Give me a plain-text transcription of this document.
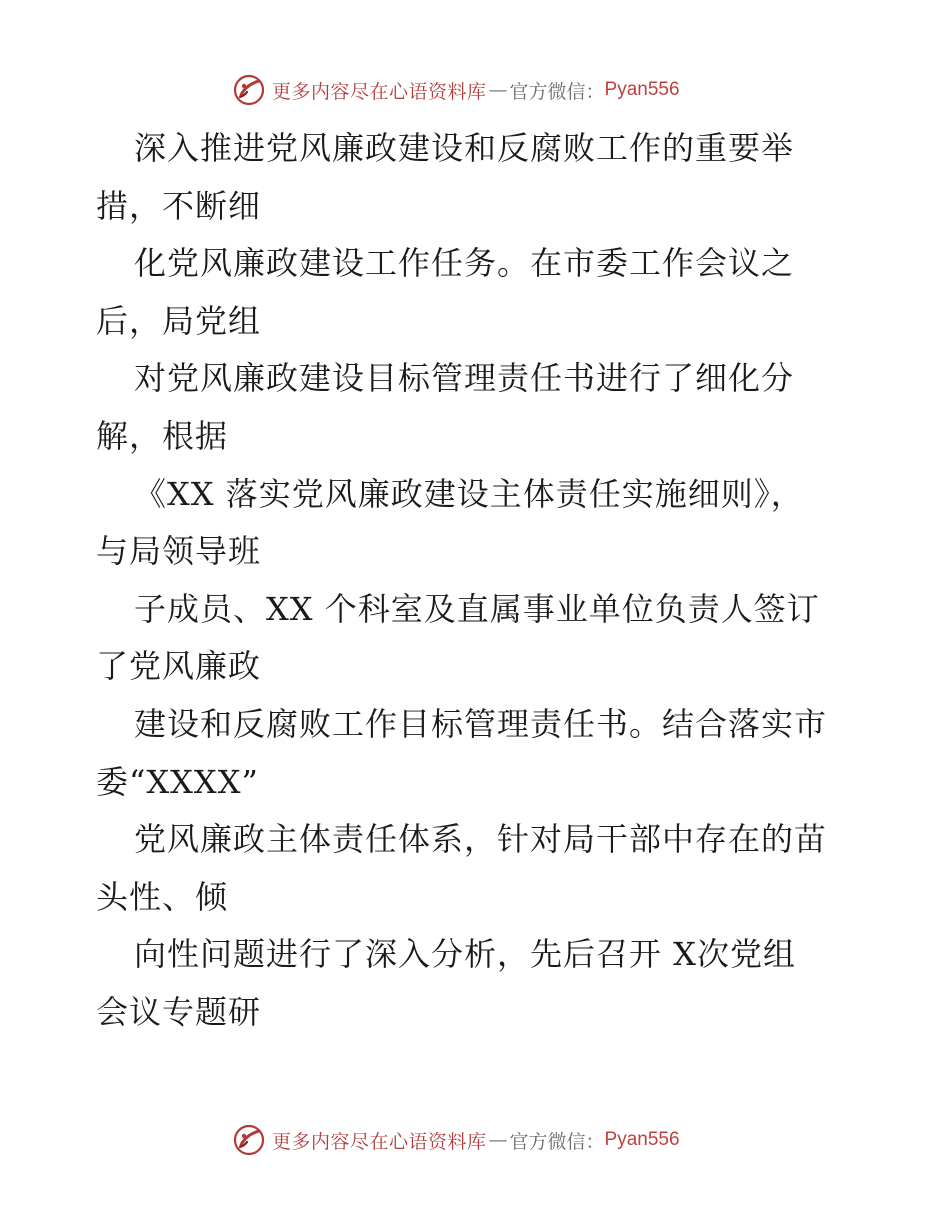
更多内容尽在心语资料库 — 官方微信： Pyan556
深入推进党风廉政建设和反腐败工作的重要举
措，不断细
化党风廉政建设工作任务。在市委工作会议之
后，局党组
对党风廉政建设目标管理责任书进行了细化分
解，根据
《XX 落实党风廉政建设主体责任实施细则》，
与局领导班
子成员、XX 个科室及直属事业单位负责人签订
了党风廉政
建设和反腐败工作目标管理责任书。结合落实市
委“XXXX”
党风廉政主体责任体系，针对局干部中存在的苗
头性、倾
向性问题进行了深入分析，先后召开 X次党组
会议专题研
更多内容尽在心语资料库 — 官方微信： Pyan556
